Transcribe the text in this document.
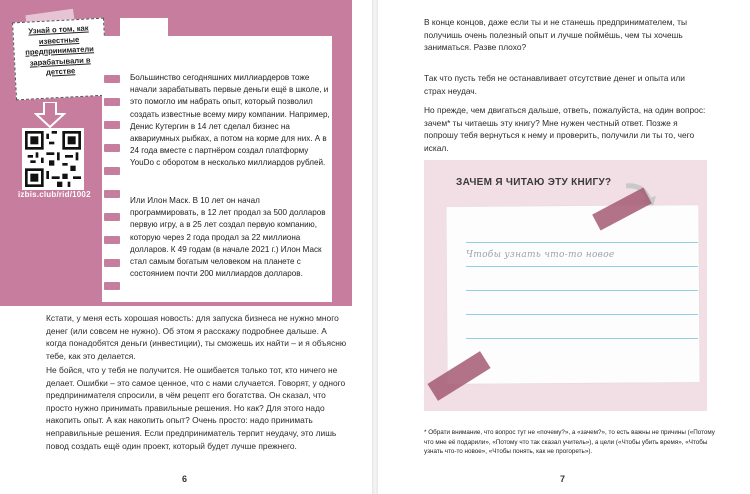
Узнай о том, как известные предприниматели зарабатывали в детстве
izbis.club/rid/1002

Большинство сегодняшних миллиардеров тоже начали зарабатывать первые деньги ещё в школе, и это помогло им набрать опыт, который позволил создать известные всему миру компании. Например, Денис Кутергин в 14 лет сделал бизнес на аквариумных рыбках, а потом на корме для них. А в 24 года вместе с партнёром создал платформу YouDo с оборотом в несколько миллиардов рублей.

Или Илон Маск. В 10 лет он начал программировать, в 12 лет продал за 500 долларов первую игру, а в 25 лет создал первую компанию, которую через 2 года продал за 22 миллиона долларов. К 49 годам (в начале 2021 г.) Илон Маск стал самым богатым человеком на планете с состоянием почти 200 миллиардов долларов.

Кстати, у меня есть хорошая новость: для запуска бизнеса не нужно много денег (или совсем не нужно). Об этом я расскажу подробнее дальше. А когда понадобятся деньги (инвестиции), ты сможешь их найти – и я объясню тебе, как это делается.

Не бойся, что у тебя не получится. Не ошибается только тот, кто ничего не делает. Ошибки – это самое ценное, что с нами случается. Говорят, у одного предпринимателя спросили, в чём рецепт его богатства. Он сказал, что просто нужно принимать правильные решения. Но как? Для этого надо накопить опыт. А как накопить опыт? Очень просто: надо принимать неправильные решения. Если предприниматель терпит неудачу, это лишь повод создать ещё один проект, который будет лучше прежнего.

6

В конце концов, даже если ты и не станешь предпринимателем, ты получишь очень полезный опыт и лучше поймёшь, чем ты хочешь заниматься. Разве плохо?

Так что пусть тебя не останавливает отсутствие денег и опыта или страх неудач.

Но прежде, чем двигаться дальше, ответь, пожалуйста, на один вопрос: зачем* ты читаешь эту книгу? Мне нужен честный ответ. Позже я попрошу тебя вернуться к нему и проверить, получили ли ты то, чего искал.

ЗАЧЕМ Я ЧИТАЮ ЭТУ КНИГУ?
Чтобы узнать что-то новое

* Обрати внимание, что вопрос тут не «почему?», а «зачем?», то есть важны не причины («Потому что мне её подарили», «Потому что так сказал учитель»), а цели («Чтобы убить время», «Чтобы узнать что-то новое», «Чтобы понять, как не прогореть»).

7
